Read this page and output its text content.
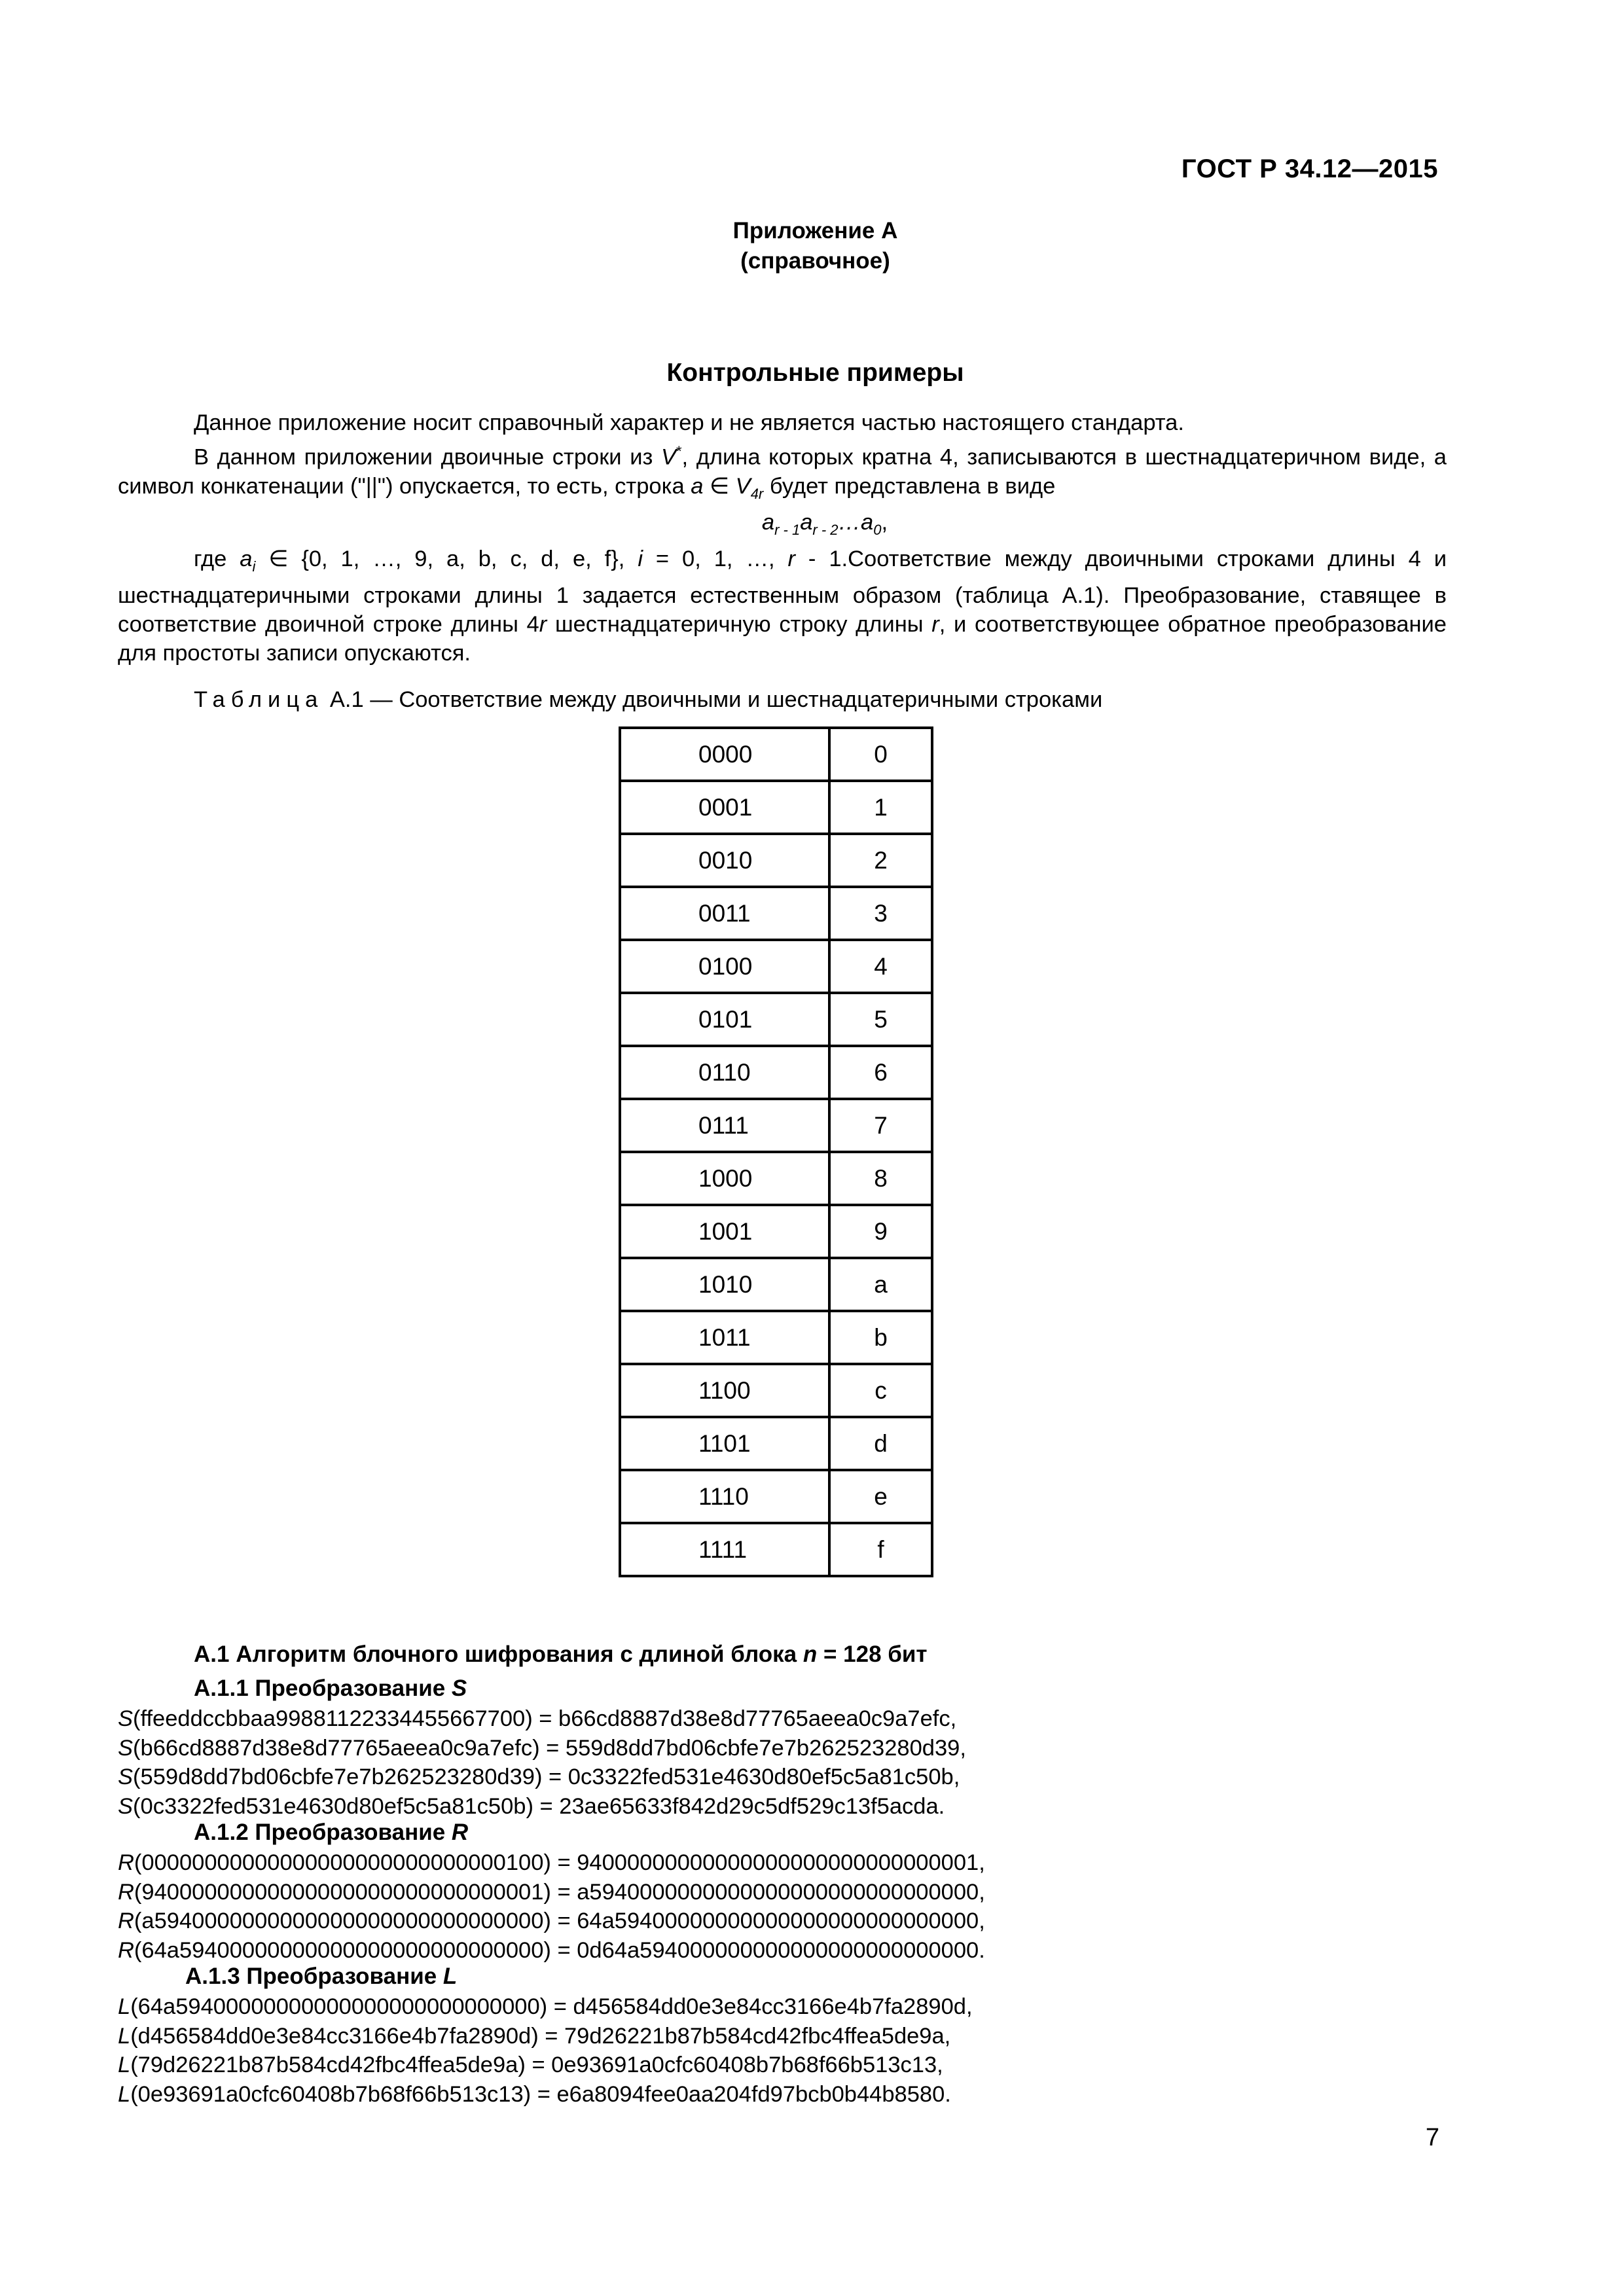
ГОСТ Р 34.12—2015
Приложение А
(справочное)
Контрольные примеры

Данное приложение носит справочный характер и не является частью настоящего стандарта.

В данном приложении двоичные строки из V*, длина которых кратна 4, записываются в шестнадцатеричном виде, а символ конкатенации ("||") опускается, то есть, строка a ∈ $V_{4r}$ будет представлена в виде

$a_{r - 1}a_{r - 2}\dots a_0$,

где $a_i$ ∈ {0, 1, …, 9, a, b, c, d, e, f}, i = 0, 1, …, r - 1.Соответствие между двоичными строками длины 4 и шестнадцатеричными строками длины 1 задается естественным образом (таблица А.1). Преобразование, ставящее в соответствие двоичной строке длины 4r шестнадцатеричную строку длины r, и соответствующее обратное преобразование для простоты записи опускаются.

Таблица А.1 — Соответствие между двоичными и шестнадцатеричными строками
0000	0
0001	1
0010	2
0011	3
0100	4
0101	5
0110	6
0111	7
1000	8
1001	9
1010	a
1011	b
1100	c
1101	d
1110	e
1111	f
А.1 Алгоритм блочного шифрования с длиной блока n = 128 бит
А.1.1 Преобразование S
S(ffeeddccbbaa99881122334455667700) = b66cd8887d38e8d77765aeea0c9a7efc,
S(b66cd8887d38e8d77765aeea0c9a7efc) = 559d8dd7bd06cbfe7e7b262523280d39,
S(559d8dd7bd06cbfe7e7b262523280d39) = 0c3322fed531e4630d80ef5c5a81c50b,
S(0c3322fed531e4630d80ef5c5a81c50b) = 23ae65633f842d29c5df529c13f5acda.
А.1.2 Преобразование R
R(00000000000000000000000000000100) = 94000000000000000000000000000001,
R(94000000000000000000000000000001) = a5940000000000000000000000000000,
R(a5940000000000000000000000000000) = 64a59400000000000000000000000000,
R(64a59400000000000000000000000000) = 0d64a594000000000000000000000000.
А.1.3 Преобразование L
L(64a59400000000000000000000000000) = d456584dd0e3e84cc3166e4b7fa2890d,
L(d456584dd0e3e84cc3166e4b7fa2890d) = 79d26221b87b584cd42fbc4ffea5de9a,
L(79d26221b87b584cd42fbc4ffea5de9a) = 0e93691a0cfc60408b7b68f66b513c13,
L(0e93691a0cfc60408b7b68f66b513c13) = e6a8094fee0aa204fd97bcb0b44b8580.
7
